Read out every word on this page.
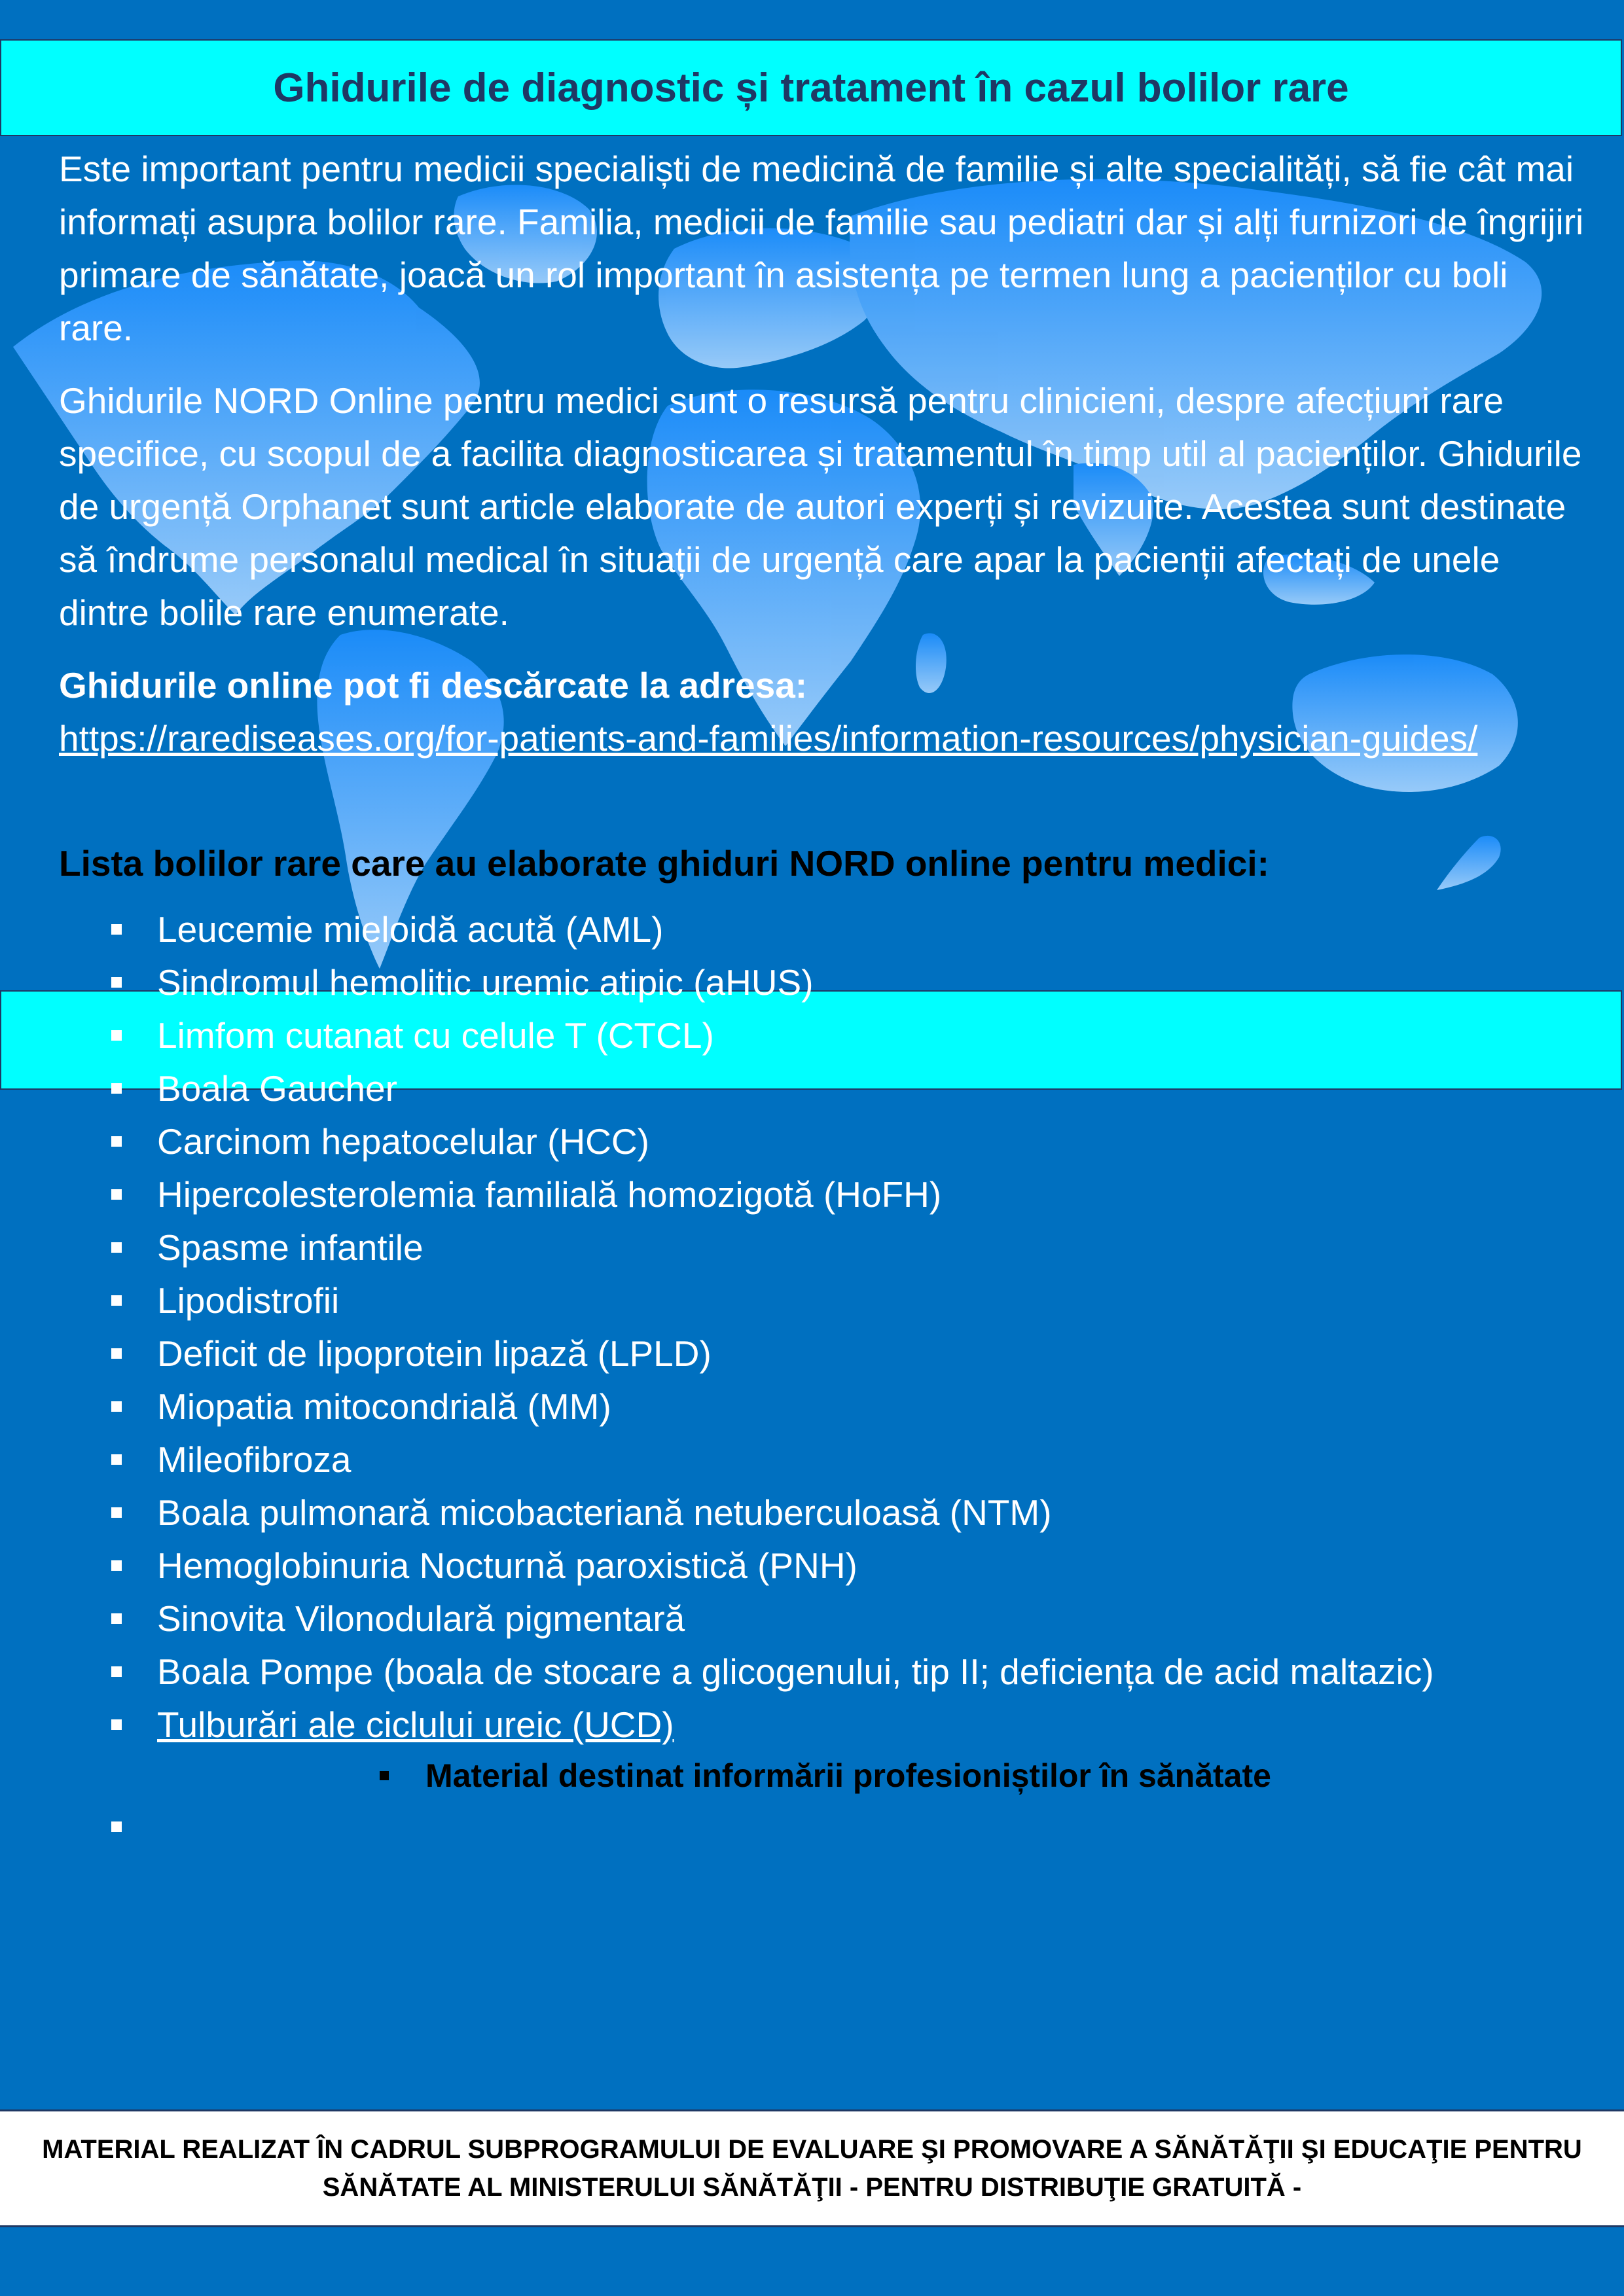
Ghidurile de diagnostic și tratament în cazul bolilor rare

Este important pentru medicii specialiști de medicină de familie și alte specialități, să fie cât mai informați asupra bolilor rare. Familia, medicii de familie sau pediatri dar și alți furnizori de îngrijiri primare de sănătate, joacă un rol important în asistența pe termen lung a pacienților cu boli rare.

Ghidurile NORD Online pentru medici sunt o resursă pentru clinicieni, despre afecțiuni rare specifice, cu scopul de a facilita diagnosticarea și tratamentul în timp util al pacienților. Ghidurile de urgență Orphanet sunt article elaborate de autori experți și revizuite. Acestea sunt destinate să îndrume personalul medical în situații de urgență care apar la pacienții afectați de unele dintre bolile rare enumerate.

Ghidurile online pot fi descărcate la adresa:
https://rarediseases.org/for-patients-and-families/information-resources/physician-guides/

Lista bolilor rare care au elaborate ghiduri NORD online pentru medici:

Leucemie mieloidă acută (AML)
Sindromul hemolitic uremic atipic (aHUS)
Limfom cutanat cu celule T (CTCL)
Boala Gaucher
Carcinom hepatocelular (HCC)
Hipercolesterolemia familială homozigotă (HoFH)
Spasme infantile
Lipodistrofii
Deficit de lipoprotein lipază (LPLD)
Miopatia mitocondrială (MM)
Mileofibroza
Boala pulmonară micobacteriană netuberculoasă (NTM)
Hemoglobinuria Nocturnă paroxistică (PNH)
Sinovita Vilonodulară pigmentară
Boala Pompe (boala de stocare a glicogenului, tip II; deficiența de acid maltazic)
Tulburări ale ciclului ureic (UCD)
Material destinat informării profesioniștilor în sănătate
MATERIAL REALIZAT ÎN CADRUL SUBPROGRAMULUI DE EVALUARE ŞI PROMOVARE A SĂNĂTĂŢII ŞI EDUCAŢIE PENTRU
SĂNĂTATE AL MINISTERULUI SĂNĂTĂŢII - PENTRU DISTRIBUŢIE GRATUITĂ -
